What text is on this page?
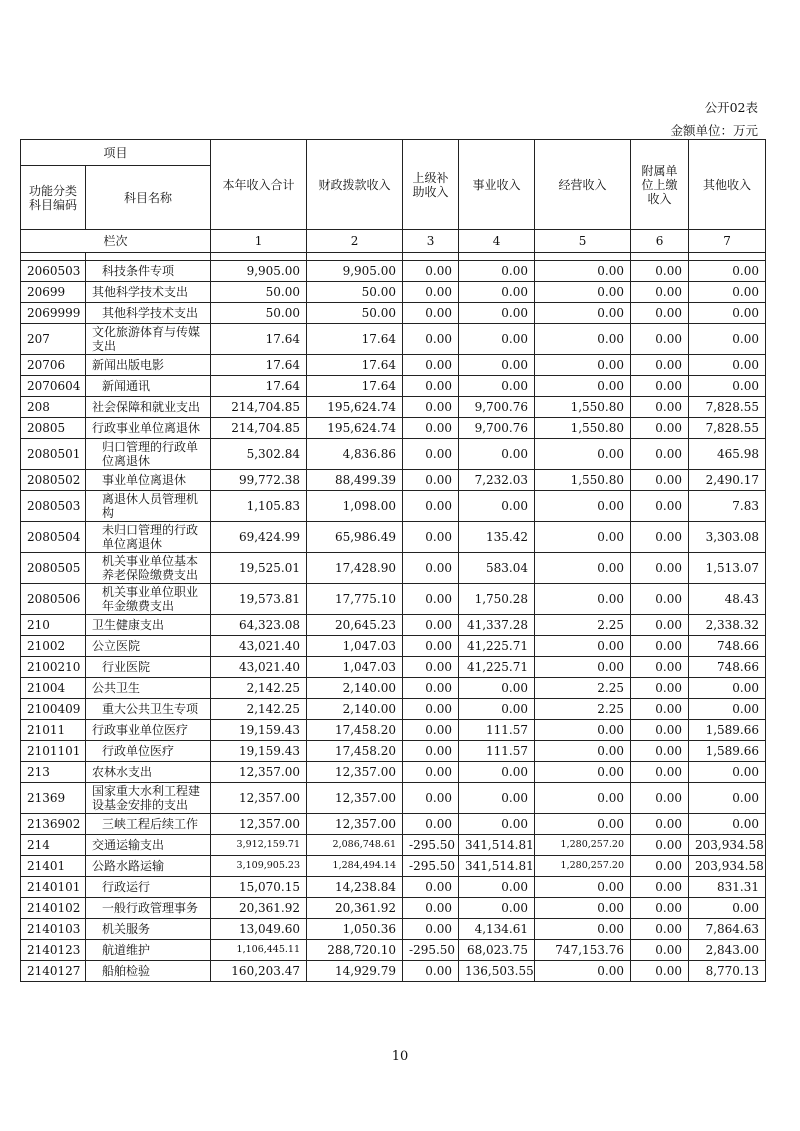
公开02表
金额单位：万元
项目		本年收入合计	财政拨款收入	上级补助收入	事业收入	经营收入	附属单位上缴收入	其他收入
功能分类科目编码	科目名称							
栏次		1	2	3	4	5	6	7

2060503	科技条件专项	9,905.00	9,905.00	0.00	0.00	0.00	0.00	0.00
20699	其他科学技术支出	50.00	50.00	0.00	0.00	0.00	0.00	0.00
2069999	其他科学技术支出	50.00	50.00	0.00	0.00	0.00	0.00	0.00
207	文化旅游体育与传媒支出	17.64	17.64	0.00	0.00	0.00	0.00	0.00
20706	新闻出版电影	17.64	17.64	0.00	0.00	0.00	0.00	0.00
2070604	新闻通讯	17.64	17.64	0.00	0.00	0.00	0.00	0.00
208	社会保障和就业支出	214,704.85	195,624.74	0.00	9,700.76	1,550.80	0.00	7,828.55
20805	行政事业单位离退休	214,704.85	195,624.74	0.00	9,700.76	1,550.80	0.00	7,828.55
2080501	归口管理的行政单位离退休	5,302.84	4,836.86	0.00	0.00	0.00	0.00	465.98
2080502	事业单位离退休	99,772.38	88,499.39	0.00	7,232.03	1,550.80	0.00	2,490.17
2080503	离退休人员管理机构	1,105.83	1,098.00	0.00	0.00	0.00	0.00	7.83
2080504	未归口管理的行政单位离退休	69,424.99	65,986.49	0.00	135.42	0.00	0.00	3,303.08
2080505	机关事业单位基本养老保险缴费支出	19,525.01	17,428.90	0.00	583.04	0.00	0.00	1,513.07
2080506	机关事业单位职业年金缴费支出	19,573.81	17,775.10	0.00	1,750.28	0.00	0.00	48.43
210	卫生健康支出	64,323.08	20,645.23	0.00	41,337.28	2.25	0.00	2,338.32
21002	公立医院	43,021.40	1,047.03	0.00	41,225.71	0.00	0.00	748.66
2100210	行业医院	43,021.40	1,047.03	0.00	41,225.71	0.00	0.00	748.66
21004	公共卫生	2,142.25	2,140.00	0.00	0.00	2.25	0.00	0.00
2100409	重大公共卫生专项	2,142.25	2,140.00	0.00	0.00	2.25	0.00	0.00
21011	行政事业单位医疗	19,159.43	17,458.20	0.00	111.57	0.00	0.00	1,589.66
2101101	行政单位医疗	19,159.43	17,458.20	0.00	111.57	0.00	0.00	1,589.66
213	农林水支出	12,357.00	12,357.00	0.00	0.00	0.00	0.00	0.00
21369	国家重大水利工程建设基金安排的支出	12,357.00	12,357.00	0.00	0.00	0.00	0.00	0.00
2136902	三峡工程后续工作	12,357.00	12,357.00	0.00	0.00	0.00	0.00	0.00
214	交通运输支出	3,912,159.71	2,086,748.61	-295.50	341,514.81	1,280,257.20	0.00	203,934.58
21401	公路水路运输	3,109,905.23	1,284,494.14	-295.50	341,514.81	1,280,257.20	0.00	203,934.58
2140101	行政运行	15,070.15	14,238.84	0.00	0.00	0.00	0.00	831.31
2140102	一般行政管理事务	20,361.92	20,361.92	0.00	0.00	0.00	0.00	0.00
2140103	机关服务	13,049.60	1,050.36	0.00	4,134.61	0.00	0.00	7,864.63
2140123	航道维护	1,106,445.11	288,720.10	-295.50	68,023.75	747,153.76	0.00	2,843.00
2140127	船舶检验	160,203.47	14,929.79	0.00	136,503.55	0.00	0.00	8,770.13
10
